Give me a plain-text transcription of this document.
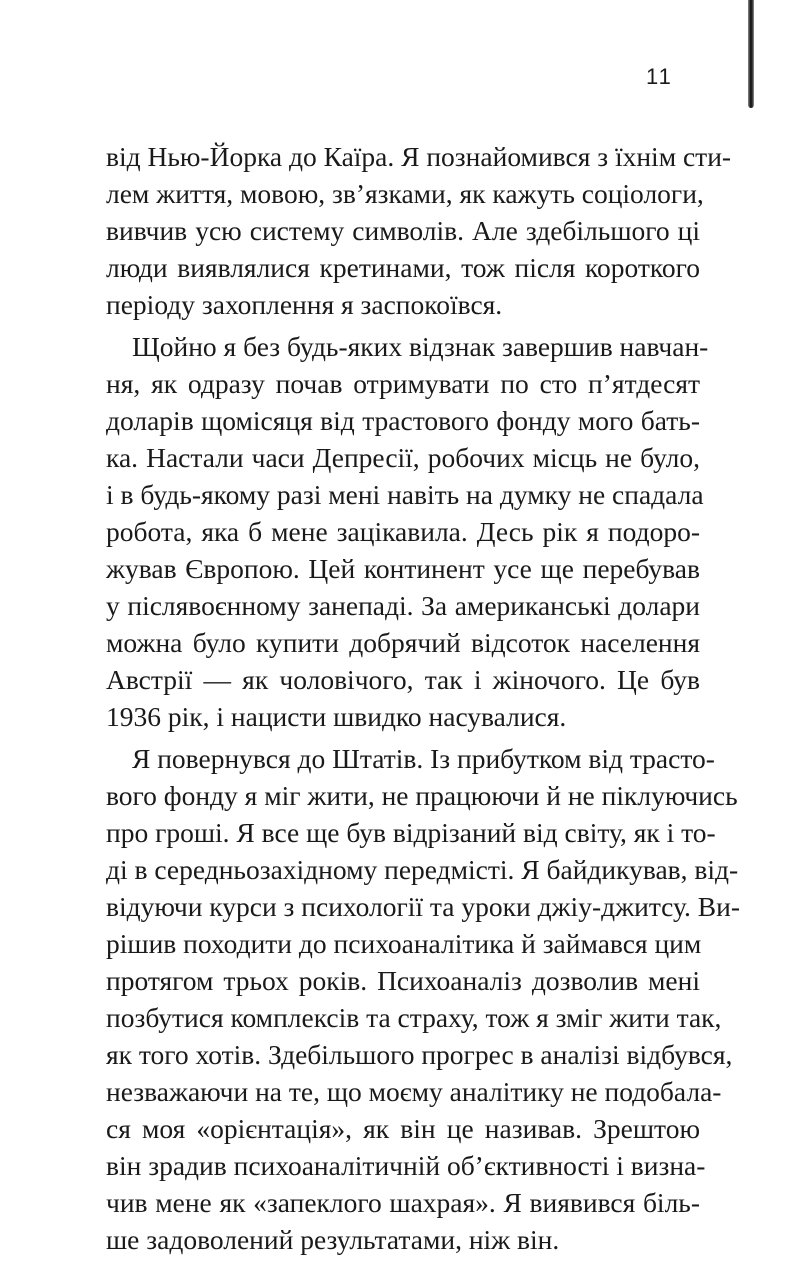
11
від Нью-Йорка до Каїра. Я познайомився з їхнім сти-
лем життя, мовою, зв’язками, як кажуть соціологи,
вивчив усю систему символів. Але здебільшого ці
люди виявлялися кретинами, тож після короткого
періоду захоплення я заспокоївся.
Щойно я без будь-яких відзнак завершив навчан-
ня, як одразу почав отримувати по сто п’ятдесят
доларів щомісяця від трастового фонду мого бать-
ка. Настали часи Депресії, робочих місць не було,
і в будь-якому разі мені навіть на думку не спадала
робота, яка б мене зацікавила. Десь рік я подоро-
жував Європою. Цей континент усе ще перебував
у післявоєнному занепаді. За американські долари
можна було купити добрячий відсоток населення
Австрії — як чоловічого, так і жіночого. Це був
1936 рік, і нацисти швидко насувалися.
Я повернувся до Штатів. Із прибутком від трасто-
вого фонду я міг жити, не працюючи й не піклуючись
про гроші. Я все ще був відрізаний від світу, як і то-
ді в середньозахідному передмісті. Я байдикував, від-
відуючи курси з психології та уроки джіу-джитсу. Ви-
рішив походити до психоаналітика й займався цим
протягом трьох років. Психоаналіз дозволив мені
позбутися комплексів та страху, тож я зміг жити так,
як того хотів. Здебільшого прогрес в аналізі відбувся,
незважаючи на те, що моєму аналітику не подобала-
ся моя «орієнтація», як він це називав. Зрештою
він зрадив психоаналітичній об’єктивності і визна-
чив мене як «запеклого шахрая». Я виявився біль-
ше задоволений результатами, ніж він.
